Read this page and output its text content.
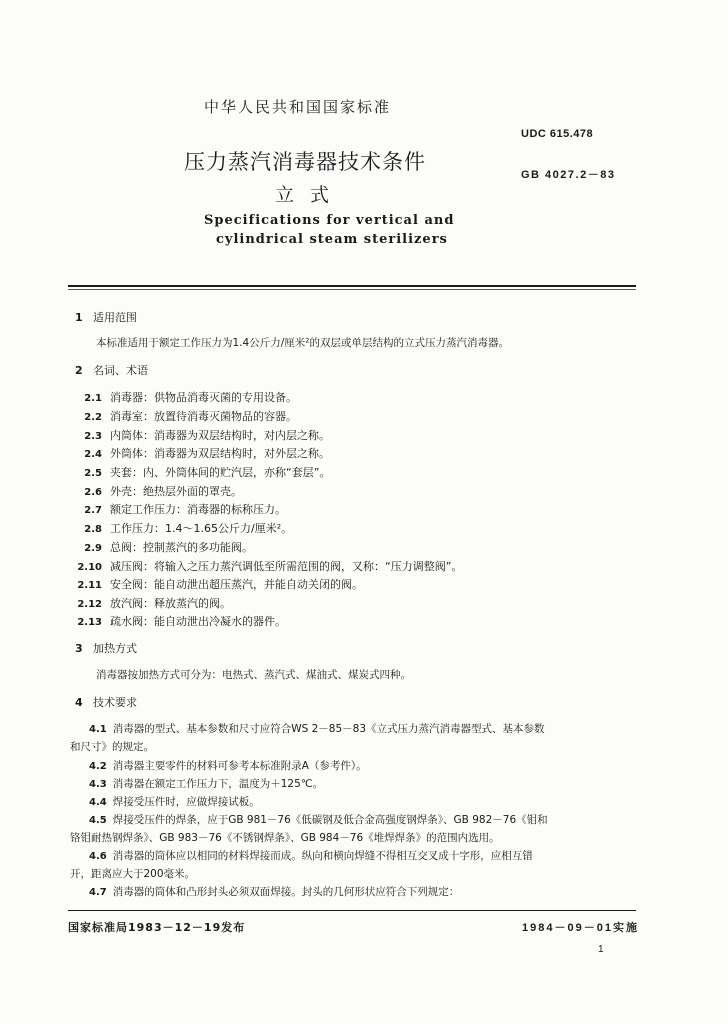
中华人民共和国国家标准
UDC 615.478
压力蒸汽消毒器技术条件
GB 4027.2－83
立式
Specifications for vertical and
cylindrical steam sterilizers
1 适用范围
本标准适用于额定工作压力为1.4公斤力/厘米²的双层或单层结构的立式压力蒸汽消毒器。
2 名词、术语
2.1 消毒器：供物品消毒灭菌的专用设备。
2.2 消毒室：放置待消毒灭菌物品的容器。
2.3 内筒体：消毒器为双层结构时，对内层之称。
2.4 外筒体：消毒器为双层结构时，对外层之称。
2.5 夹套：内、外筒体间的贮汽层，亦称“套层”。
2.6 外壳：绝热层外面的罩壳。
2.7 额定工作压力：消毒器的标称压力。
2.8 工作压力：1.4～1.65公斤力/厘米²。
2.9 总阀：控制蒸汽的多功能阀。
2.10 减压阀：将输入之压力蒸汽调低至所需范围的阀，又称：“压力调整阀”。
2.11 安全阀：能自动泄出超压蒸汽，并能自动关闭的阀。
2.12 放汽阀：释放蒸汽的阀。
2.13 疏水阀：能自动泄出冷凝水的器件。
3 加热方式
消毒器按加热方式可分为：电热式、蒸汽式、煤油式、煤炭式四种。
4 技术要求
4.1 消毒器的型式、基本参数和尺寸应符合WS 2－85－83《立式压力蒸汽消毒器型式、基本参数
和尺寸》的规定。
4.2 消毒器主要零件的材料可参考本标准附录A（参考件）。
4.3 消毒器在额定工作压力下，温度为＋125℃。
4.4 焊接受压件时，应做焊接试板。
4.5 焊接受压件的焊条，应于GB 981－76《低碳钢及低合金高强度钢焊条》、GB 982－76《钼和
铬钼耐热钢焊条》、GB 983－76《不锈钢焊条》、GB 984－76《堆焊焊条》的范围内选用。
4.6 消毒器的筒体应以相同的材料焊接而成。纵向和横向焊缝不得相互交叉成十字形，应相互错
开，距离应大于200毫米。
4.7 消毒器的筒体和凸形封头必须双面焊接。封头的几何形状应符合下列规定：
国家标准局1983－12－19发布	1984－09－01实施
1
